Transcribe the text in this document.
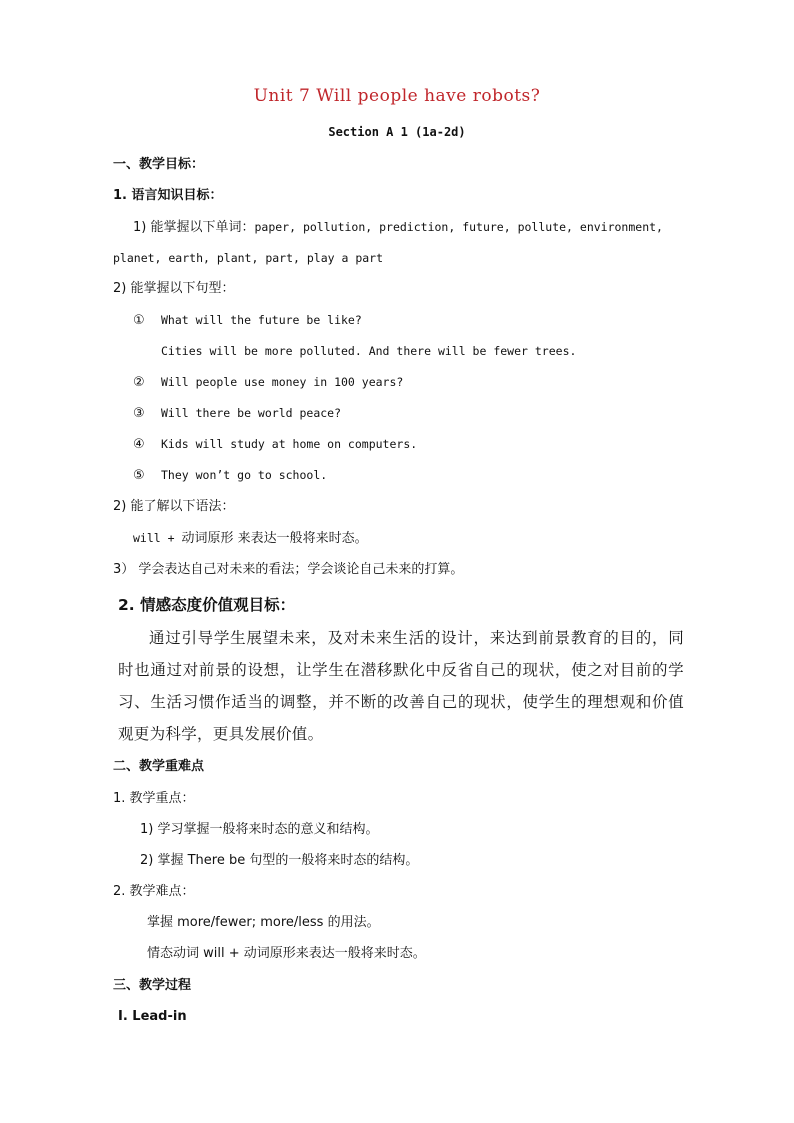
Unit 7 Will people have robots?
Section A 1 (1a-2d)
一、教学目标：
1. 语言知识目标：
1) 能掌握以下单词：paper, pollution, prediction, future, pollute, environment,
planet, earth, plant, part, play a part
2) 能掌握以下句型：
① What will the future be like?
Cities will be more polluted. And there will be fewer trees.
② Will people use money in 100 years?
③ Will there be world peace?
④ Kids will study at home on computers.
⑤ They won’t go to school.
2) 能了解以下语法：
will + 动词原形 来表达一般将来时态。
3） 学会表达自己对未来的看法；学会谈论自己未来的打算。
2. 情感态度价值观目标：
通过引导学生展望未来，及对未来生活的设计，来达到前景教育的目的，同时也通过对前景的设想，让学生在潜移默化中反省自己的现状，使之对目前的学习、生活习惯作适当的调整，并不断的改善自己的现状，使学生的理想观和价值观更为科学，更具发展价值。
二、教学重难点
1. 教学重点：
1) 学习掌握一般将来时态的意义和结构。
2) 掌握 There be 句型的一般将来时态的结构。
2. 教学难点：
掌握 more/fewer; more/less 的用法。
情态动词 will + 动词原形来表达一般将来时态。
三、教学过程
Ⅰ. Lead-in
